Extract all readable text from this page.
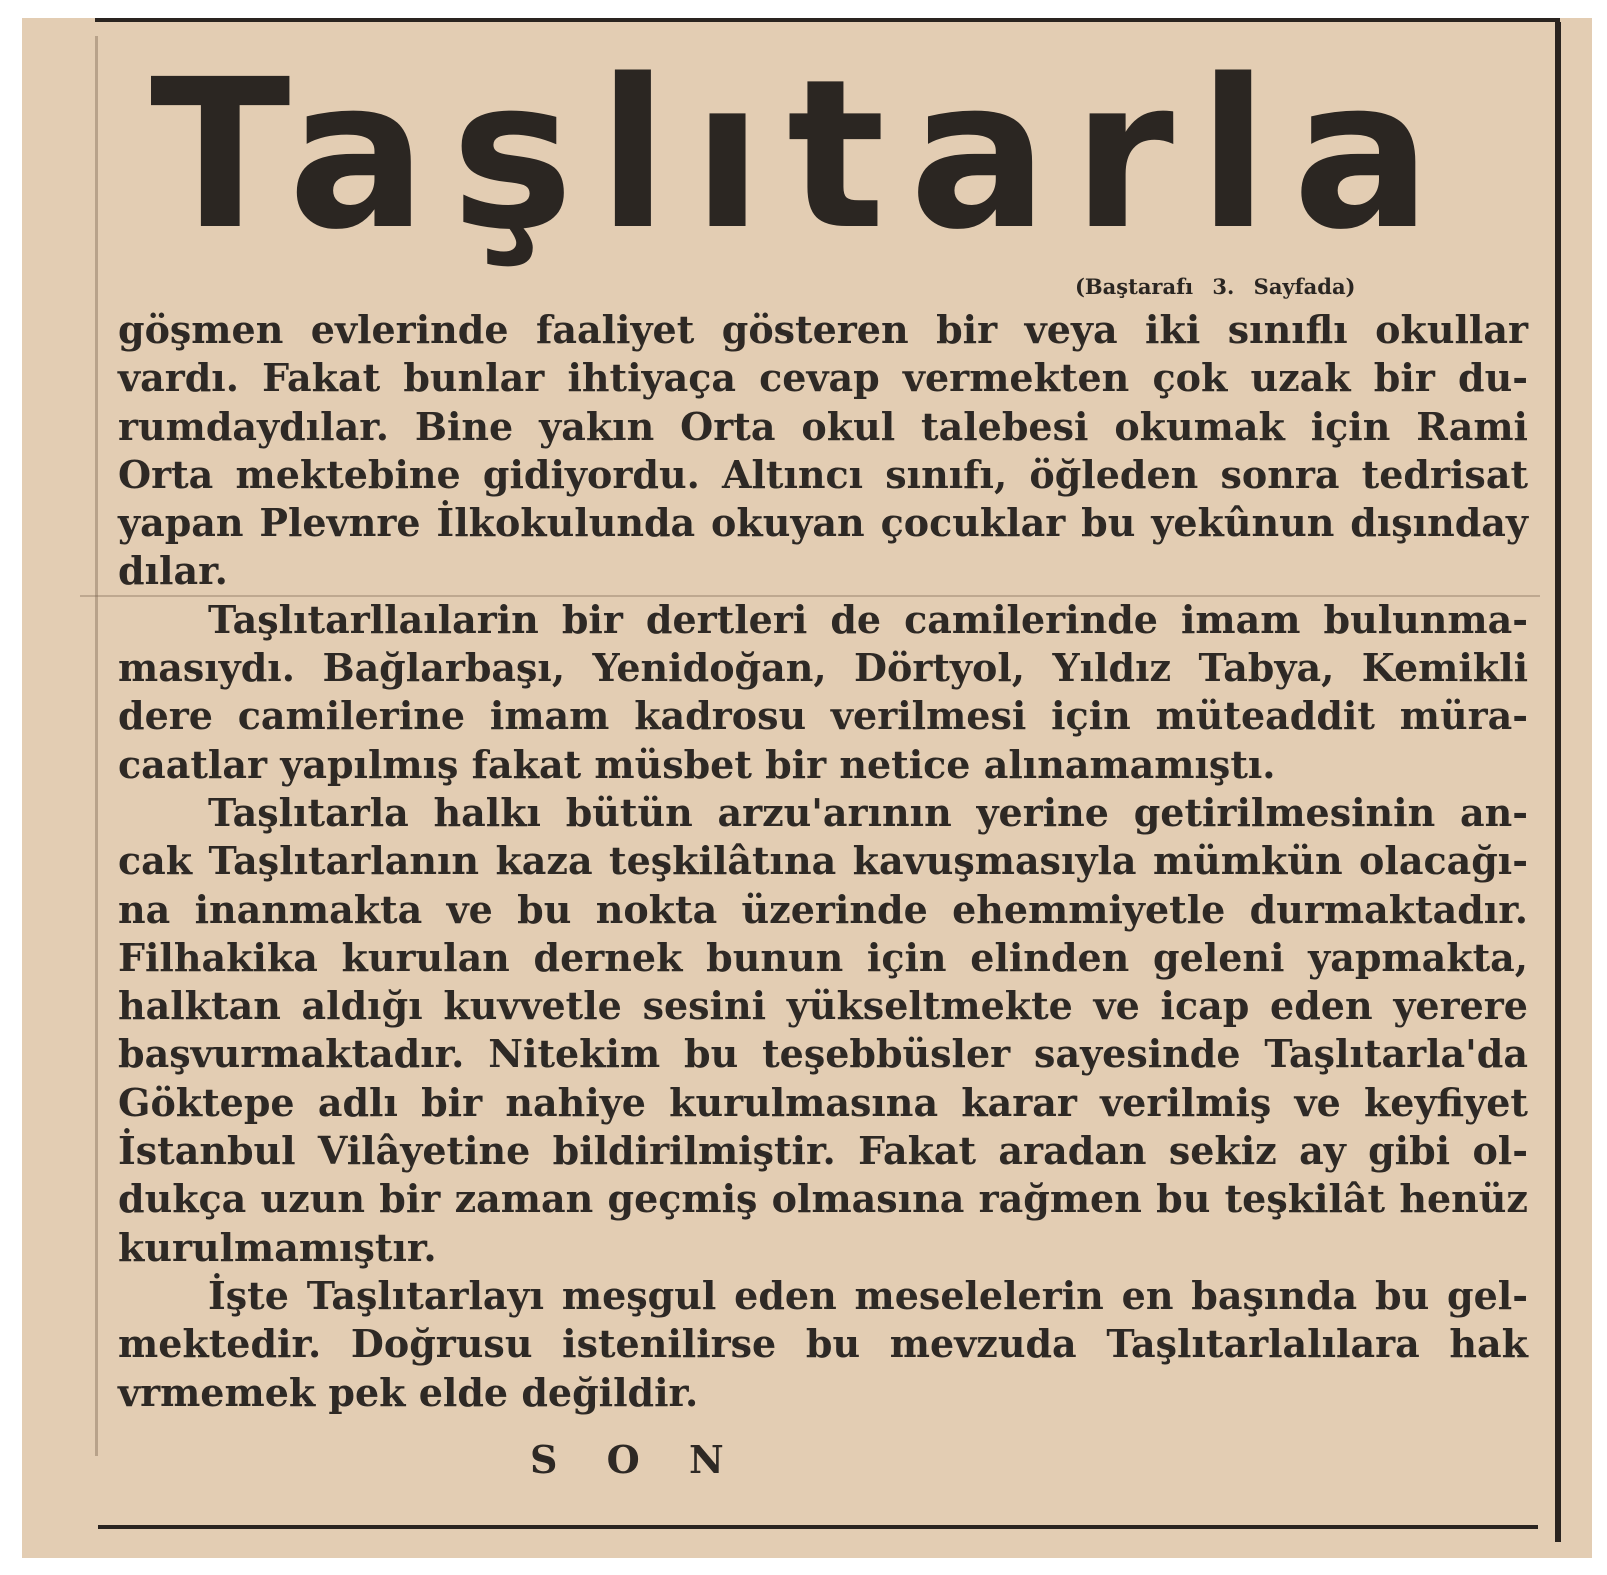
Taşlıtarla
(Baştarafı 3. Sayfada)
göşmen evlerinde faaliyet gösteren bir veya iki sınıflı okullar
vardı. Fakat bunlar ihtiyaça cevap vermekten çok uzak bir du-
rumdaydılar. Bine yakın Orta okul talebesi okumak için Rami
Orta mektebine gidiyordu. Altıncı sınıfı, öğleden sonra tedrisat
yapan Plevnre İlkokulunda okuyan çocuklar bu yekûnun dışınday
dılar.
Taşlıtarllaılarin bir dertleri de camilerinde imam bulunma-
masıydı. Bağlarbaşı, Yenidoğan, Dörtyol, Yıldız Tabya, Kemikli
dere camilerine imam kadrosu verilmesi için müteaddit müra-
caatlar yapılmış fakat müsbet bir netice alınamamıştı.
Taşlıtarla halkı bütün arzu'arının yerine getirilmesinin an-
cak Taşlıtarlanın kaza teşkilâtına kavuşmasıyla mümkün olacağı-
na inanmakta ve bu nokta üzerinde ehemmiyetle durmaktadır.
Filhakika kurulan dernek bunun için elinden geleni yapmakta,
halktan aldığı kuvvetle sesini yükseltmekte ve icap eden yerere
başvurmaktadır. Nitekim bu teşebbüsler sayesinde Taşlıtarla'da
Göktepe adlı bir nahiye kurulmasına karar verilmiş ve keyfiyet
İstanbul Vilâyetine bildirilmiştir. Fakat aradan sekiz ay gibi ol-
dukça uzun bir zaman geçmiş olmasına rağmen bu teşkilât henüz
kurulmamıştır.
İşte Taşlıtarlayı meşgul eden meselelerin en başında bu gel-
mektedir. Doğrusu istenilirse bu mevzuda Taşlıtarlalılara hak
vrmemek pek elde değildir.
S O N
